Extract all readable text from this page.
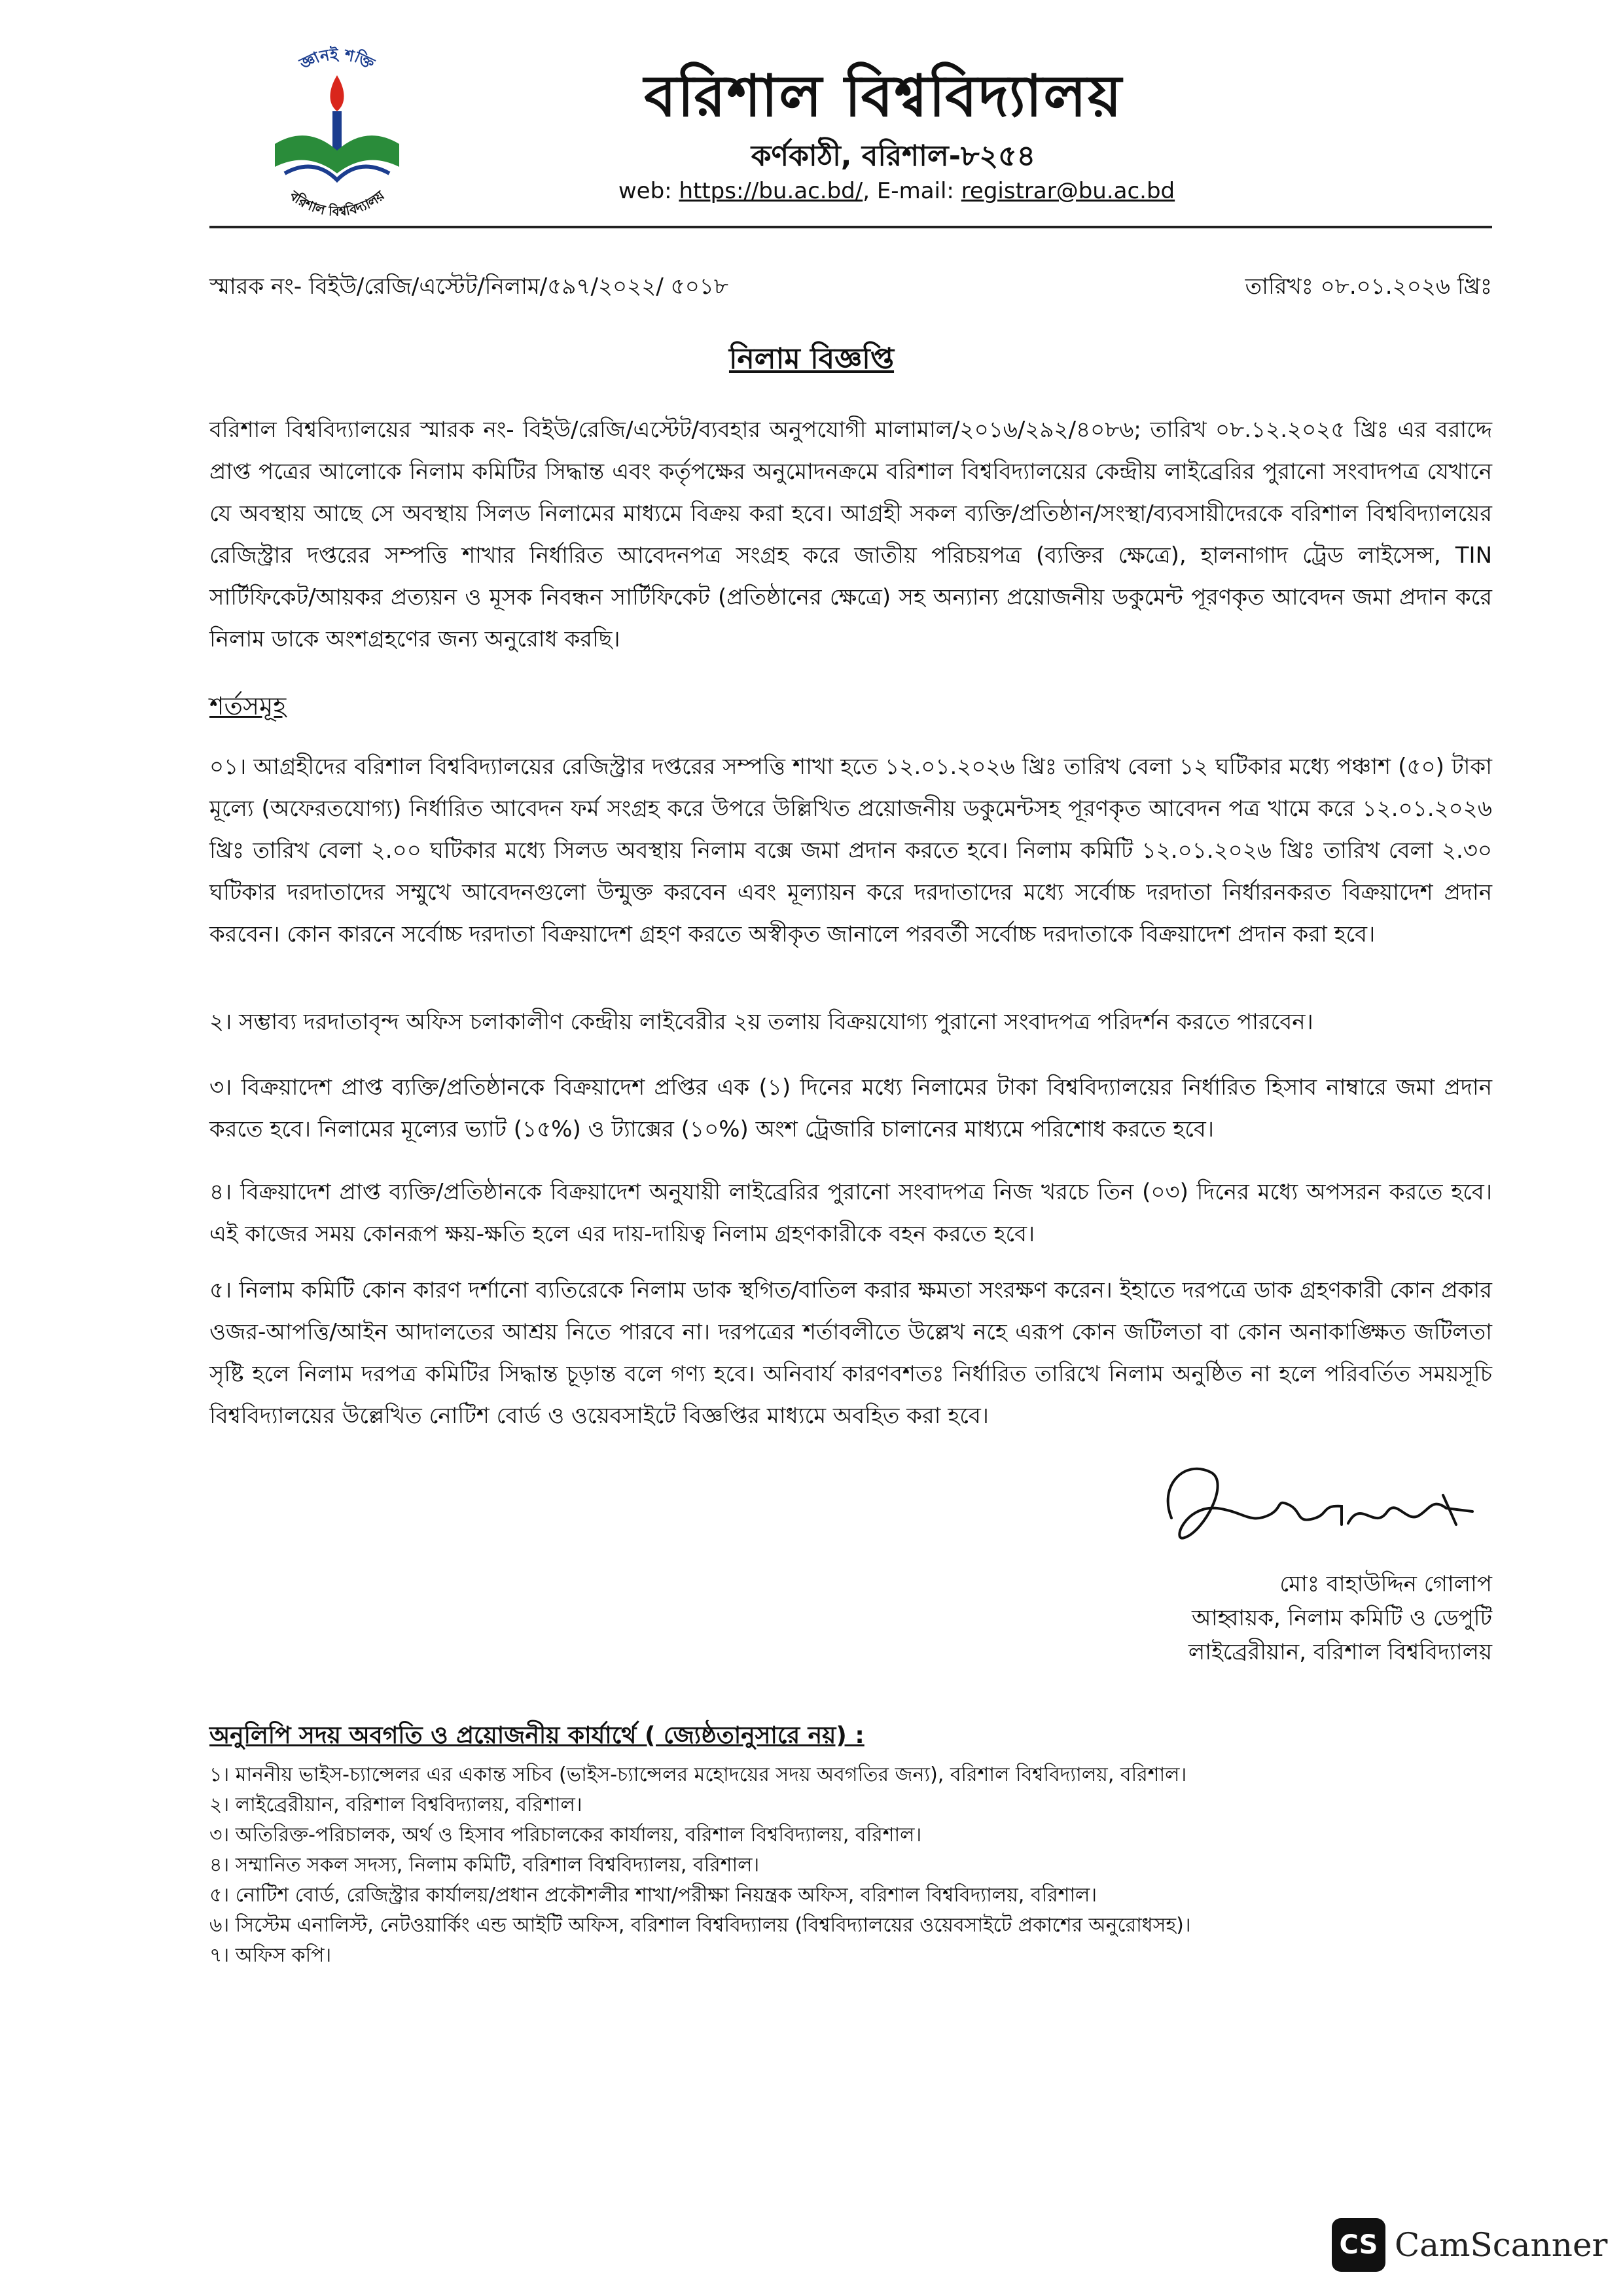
জ্ঞানই শক্তি
বরিশাল বিশ্ববিদ্যালয়
বরিশাল বিশ্ববিদ্যালয়
কর্ণকাঠী, বরিশাল-৮২৫৪
web: https://bu.ac.bd/, E-mail: registrar@bu.ac.bd
স্মারক নং- বিইউ/রেজি/এস্টেট/নিলাম/৫৯৭/২০২২/ ৫০১৮	তারিখঃ ০৮.০১.২০২৬ খ্রিঃ
নিলাম বিজ্ঞপ্তি
বরিশাল বিশ্ববিদ্যালয়ের স্মারক নং- বিইউ/রেজি/এস্টেট/ব্যবহার অনুপযোগী মালামাল/২০১৬/২৯২/৪০৮৬; তারিখ ০৮.১২.২০২৫ খ্রিঃ এর বরাদ্দে প্রাপ্ত পত্রের আলোকে নিলাম কমিটির সিদ্ধান্ত এবং কর্তৃপক্ষের অনুমোদনক্রমে বরিশাল বিশ্ববিদ্যালয়ের কেন্দ্রীয় লাইব্রেরির পুরানো সংবাদপত্র যেখানে যে অবস্থায় আছে সে অবস্থায় সিলড নিলামের মাধ্যমে বিক্রয় করা হবে। আগ্রহী সকল ব্যক্তি/প্রতিষ্ঠান/সংস্থা/ব্যবসায়ীদেরকে বরিশাল বিশ্ববিদ্যালয়ের রেজিস্ট্রার দপ্তরের সম্পত্তি শাখার নির্ধারিত আবেদনপত্র সংগ্রহ করে জাতীয় পরিচয়পত্র (ব্যক্তির ক্ষেত্রে), হালনাগাদ ট্রেড লাইসেন্স, TIN সার্টিফিকেট/আয়কর প্রত্যয়ন ও মূসক নিবন্ধন সার্টিফিকেট (প্রতিষ্ঠানের ক্ষেত্রে) সহ অন্যান্য প্রয়োজনীয় ডকুমেন্ট পূরণকৃত আবেদন জমা প্রদান করে নিলাম ডাকে অংশগ্রহণের জন্য অনুরোধ করছি।
শর্তসমূহ
০১। আগ্রহীদের বরিশাল বিশ্ববিদ্যালয়ের রেজিস্ট্রার দপ্তরের সম্পত্তি শাখা হতে ১২.০১.২০২৬ খ্রিঃ তারিখ বেলা ১২ ঘটিকার মধ্যে পঞ্চাশ (৫০) টাকা মূল্যে (অফেরতযোগ্য) নির্ধারিত আবেদন ফর্ম সংগ্রহ করে উপরে উল্লিখিত প্রয়োজনীয় ডকুমেন্টসহ পূরণকৃত আবেদন পত্র খামে করে ১২.০১.২০২৬ খ্রিঃ তারিখ বেলা ২.০০ ঘটিকার মধ্যে সিলড অবস্থায় নিলাম বক্সে জমা প্রদান করতে হবে। নিলাম কমিটি ১২.০১.২০২৬ খ্রিঃ তারিখ বেলা ২.৩০ ঘটিকার দরদাতাদের সম্মুখে আবেদনগুলো উন্মুক্ত করবেন এবং মূল্যায়ন করে দরদাতাদের মধ্যে সর্বোচ্চ দরদাতা নির্ধারনকরত বিক্রয়াদেশ প্রদান করবেন। কোন কারনে সর্বোচ্চ দরদাতা বিক্রয়াদেশ গ্রহণ করতে অস্বীকৃত জানালে পরবর্তী সর্বোচ্চ দরদাতাকে বিক্রয়াদেশ প্রদান করা হবে।
২। সম্ভাব্য দরদাতাবৃন্দ অফিস চলাকালীণ কেন্দ্রীয় লাইবেরীর ২য় তলায় বিক্রয়যোগ্য পুরানো সংবাদপত্র পরিদর্শন করতে পারবেন।
৩। বিক্রয়াদেশ প্রাপ্ত ব্যক্তি/প্রতিষ্ঠানকে বিক্রয়াদেশ প্রপ্তির এক (১) দিনের মধ্যে নিলামের টাকা বিশ্ববিদ্যালয়ের নির্ধারিত হিসাব নাম্বারে জমা প্রদান করতে হবে। নিলামের মূল্যের ভ্যাট (১৫%) ও ট্যাক্সের (১০%) অংশ ট্রেজারি চালানের মাধ্যমে পরিশোধ করতে হবে।
৪। বিক্রয়াদেশ প্রাপ্ত ব্যক্তি/প্রতিষ্ঠানকে বিক্রয়াদেশ অনুযায়ী লাইব্রেরির পুরানো সংবাদপত্র নিজ খরচে তিন (০৩) দিনের মধ্যে অপসরন করতে হবে। এই কাজের সময় কোনরূপ ক্ষয়-ক্ষতি হলে এর দায়-দায়িত্ব নিলাম গ্রহণকারীকে বহন করতে হবে।
৫। নিলাম কমিটি কোন কারণ দর্শানো ব্যতিরেকে নিলাম ডাক স্থগিত/বাতিল করার ক্ষমতা সংরক্ষণ করেন। ইহাতে দরপত্রে ডাক গ্রহণকারী কোন প্রকার ওজর-আপত্তি/আইন আদালতের আশ্রয় নিতে পারবে না। দরপত্রের শর্তাবলীতে উল্লেখ নহে এরূপ কোন জটিলতা বা কোন অনাকাঙ্ক্ষিত জটিলতা সৃষ্টি হলে নিলাম দরপত্র কমিটির সিদ্ধান্ত চূড়ান্ত বলে গণ্য হবে। অনিবার্য কারণবশতঃ নির্ধারিত তারিখে নিলাম অনুষ্ঠিত না হলে পরিবর্তিত সময়সূচি বিশ্ববিদ্যালয়ের উল্লেখিত নোটিশ বোর্ড ও ওয়েবসাইটে বিজ্ঞপ্তির মাধ্যমে অবহিত করা হবে।
মোঃ বাহাউদ্দিন গোলাপ
আহ্বায়ক, নিলাম কমিটি ও ডেপুটি
লাইব্রেরীয়ান, বরিশাল বিশ্ববিদ্যালয়
অনুলিপি সদয় অবগতি ও প্রয়োজনীয় কার্যার্থে ( জ্যেষ্ঠতানুসারে নয়) :
১। মাননীয় ভাইস-চ্যান্সেলর এর একান্ত সচিব (ভাইস-চ্যান্সেলর মহোদয়ের সদয় অবগতির জন্য), বরিশাল বিশ্ববিদ্যালয়, বরিশাল।
২। লাইব্রেরীয়ান, বরিশাল বিশ্ববিদ্যালয়, বরিশাল।
৩। অতিরিক্ত-পরিচালক, অর্থ ও হিসাব পরিচালকের কার্যালয়, বরিশাল বিশ্ববিদ্যালয়, বরিশাল।
৪। সম্মানিত সকল সদস্য, নিলাম কমিটি, বরিশাল বিশ্ববিদ্যালয়, বরিশাল।
৫। নোটিশ বোর্ড, রেজিস্ট্রার কার্যালয়/প্রধান প্রকৌশলীর শাখা/পরীক্ষা নিয়ন্ত্রক অফিস, বরিশাল বিশ্ববিদ্যালয়, বরিশাল।
৬। সিস্টেম এনালিস্ট, নেটওয়ার্কিং এন্ড আইটি অফিস, বরিশাল বিশ্ববিদ্যালয় (বিশ্ববিদ্যালয়ের ওয়েবসাইটে প্রকাশের অনুরোধসহ)।
৭। অফিস কপি।
CS CamScanner
